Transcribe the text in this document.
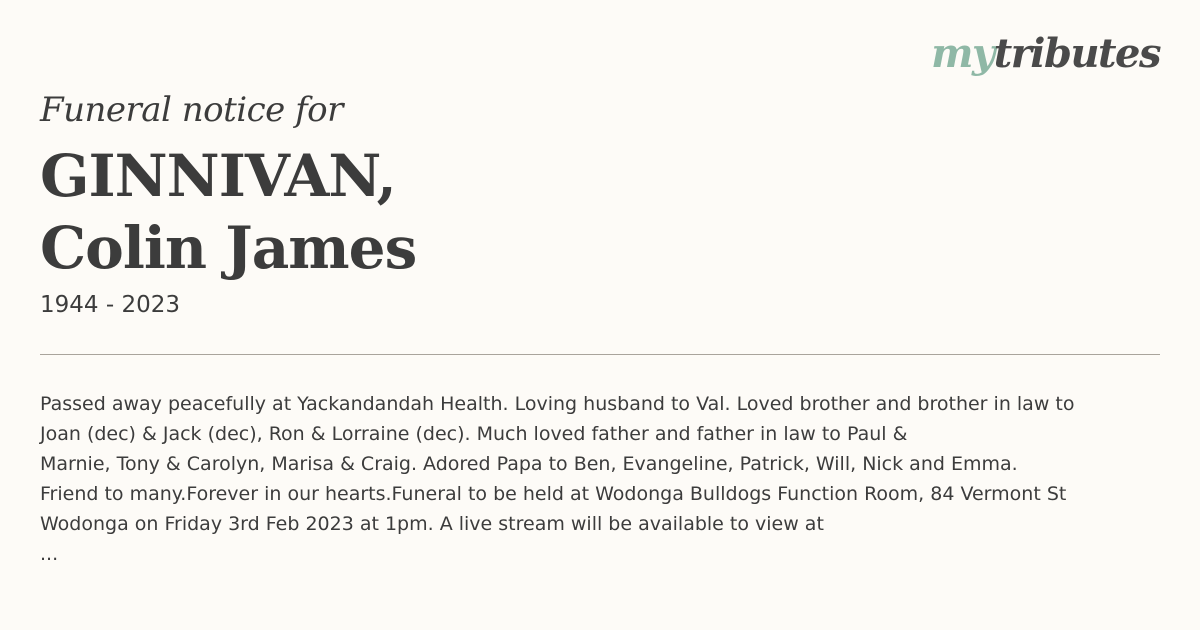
mytributes
Funeral notice for
GINNIVAN,
Colin James
1944 - 2023
Passed away peacefully at Yackandandah Health. Loving husband to Val. Loved brother and brother in law to
Joan (dec) & Jack (dec), Ron & Lorraine (dec). Much loved father and father in law to Paul &
Marnie, Tony & Carolyn, Marisa & Craig. Adored Papa to Ben, Evangeline, Patrick, Will, Nick and Emma.
Friend to many.Forever in our hearts.Funeral to be held at Wodonga Bulldogs Function Room, 84 Vermont St
Wodonga on Friday 3rd Feb 2023 at 1pm. A live stream will be available to view at
...
